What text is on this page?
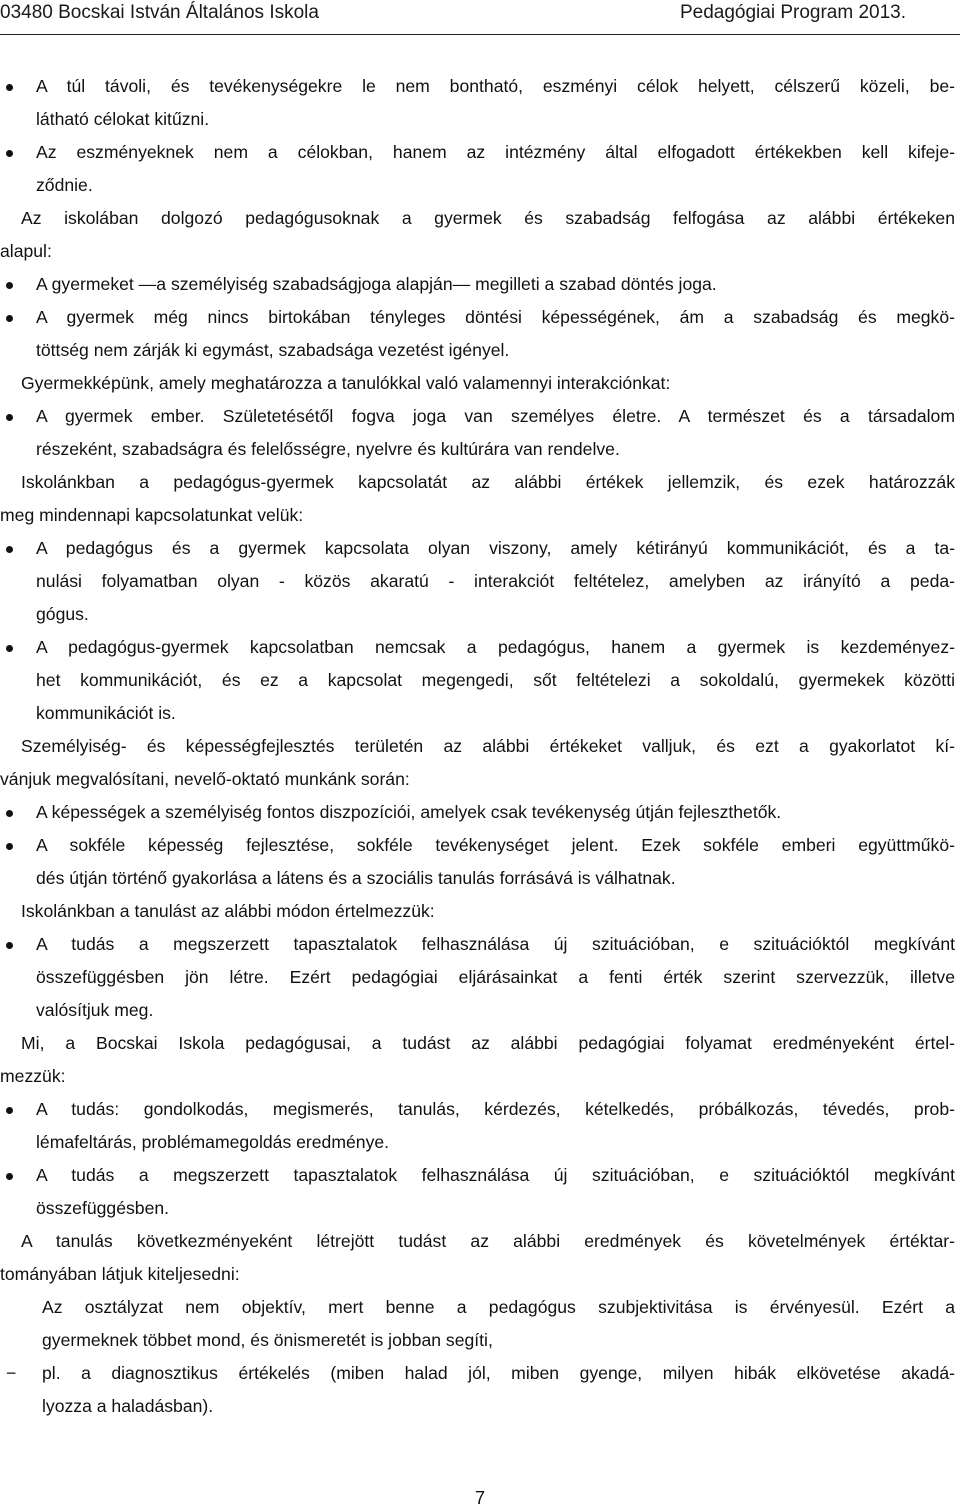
03480 Bocskai István Általános Iskola	Pedagógiai Program 2013.
A túl távoli, és tevékenységekre le nem bontható, eszményi célok helyett, célszerű közeli, be-
látható célokat kitűzni.
Az eszményeknek nem a célokban, hanem az intézmény által elfogadott értékekben kell kifeje-
ződnie.
Az iskolában dolgozó pedagógusoknak a gyermek és szabadság felfogása az alábbi értékeken
alapul:
A gyermeket —a személyiség szabadságjoga alapján— megilleti a szabad döntés joga.
A gyermek még nincs birtokában tényleges döntési képességének, ám a szabadság és megkö-
töttség nem zárják ki egymást, szabadsága vezetést igényel.
Gyermekképünk, amely meghatározza a tanulókkal való valamennyi interakciónkat:
A gyermek ember. Születetésétől fogva joga van személyes életre. A természet és a társadalom
részeként, szabadságra és felelősségre, nyelvre és kultúrára van rendelve.
Iskolánkban a pedagógus-gyermek kapcsolatát az alábbi értékek jellemzik, és ezek határozzák
meg mindennapi kapcsolatunkat velük:
A pedagógus és a gyermek kapcsolata olyan viszony, amely kétirányú kommunikációt, és a ta-
nulási folyamatban olyan - közös akaratú - interakciót feltételez, amelyben az irányító a peda-
gógus.
A pedagógus-gyermek kapcsolatban nemcsak a pedagógus, hanem a gyermek is kezdeményez-
het kommunikációt, és ez a kapcsolat megengedi, sőt feltételezi a sokoldalú, gyermekek közötti
kommunikációt is.
Személyiség- és képességfejlesztés területén az alábbi értékeket valljuk, és ezt a gyakorlatot kí-
vánjuk megvalósítani, nevelő-oktató munkánk során:
A képességek a személyiség fontos diszpozíciói, amelyek csak tevékenység útján fejleszthetők.
A sokféle képesség fejlesztése, sokféle tevékenységet jelent. Ezek sokféle emberi együttműkö-
dés útján történő gyakorlása a látens és a szociális tanulás forrásává is válhatnak.
Iskolánkban a tanulást az alábbi módon értelmezzük:
A tudás a megszerzett tapasztalatok felhasználása új szituációban, e szituációktól megkívánt
összefüggésben jön létre. Ezért pedagógiai eljárásainkat a fenti érték szerint szervezzük, illetve
valósítjuk meg.
Mi, a Bocskai Iskola pedagógusai, a tudást az alábbi pedagógiai folyamat eredményeként értel-
mezzük:
A tudás: gondolkodás, megismerés, tanulás, kérdezés, kételkedés, próbálkozás, tévedés, prob-
lémafeltárás, problémamegoldás eredménye.
A tudás a megszerzett tapasztalatok felhasználása új szituációban, e szituációktól megkívánt
összefüggésben.
A tanulás következményeként létrejött tudást az alábbi eredmények és követelmények értéktar-
tományában látjuk kiteljesedni:
Az osztályzat nem objektív, mert benne a pedagógus szubjektivitása is érvényesül. Ezért a
gyermeknek többet mond, és önismeretét is jobban segíti,
−	pl. a diagnosztikus értékelés (miben halad jól, miben gyenge, milyen hibák elkövetése akadá-
lyozza a haladásban).
7
